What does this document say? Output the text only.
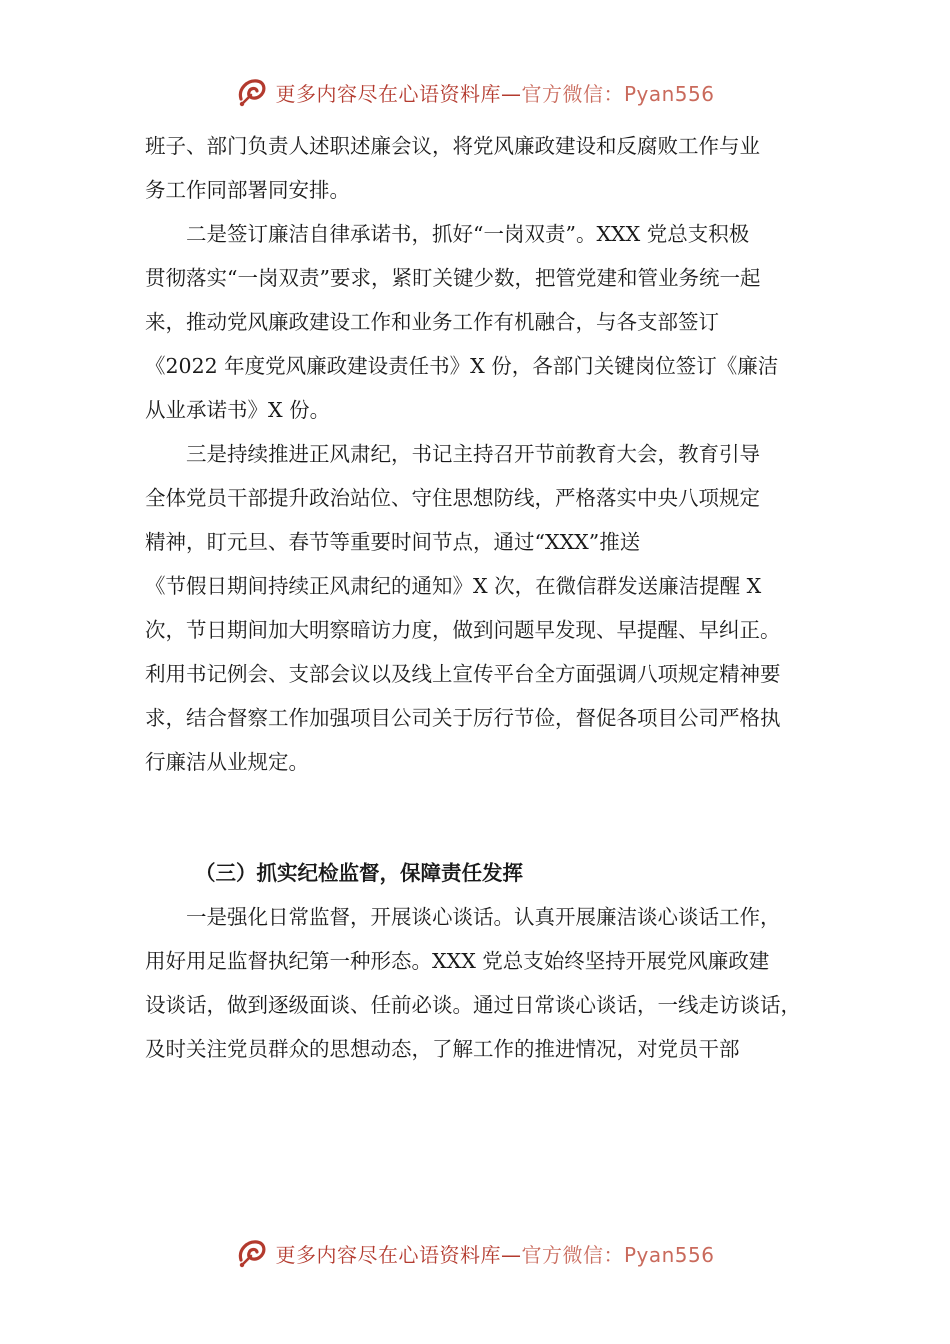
更多内容尽在心语资料库—官方微信：Pyan556
班子、部门负责人述职述廉会议，将党风廉政建设和反腐败工作与业
务工作同部署同安排。
二是签订廉洁自律承诺书，抓好“一岗双责”。XXX 党总支积极
贯彻落实“一岗双责”要求，紧盯关键少数，把管党建和管业务统一起
来，推动党风廉政建设工作和业务工作有机融合，与各支部签订
《2022 年度党风廉政建设责任书》X 份，各部门关键岗位签订《廉洁
从业承诺书》X 份。
三是持续推进正风肃纪，书记主持召开节前教育大会，教育引导
全体党员干部提升政治站位、守住思想防线，严格落实中央八项规定
精神，盯元旦、春节等重要时间节点，通过“XXX”推送
《节假日期间持续正风肃纪的通知》X 次，在微信群发送廉洁提醒 X
次，节日期间加大明察暗访力度，做到问题早发现、早提醒、早纠正。
利用书记例会、支部会议以及线上宣传平台全方面强调八项规定精神要
求，结合督察工作加强项目公司关于厉行节俭，督促各项目公司严格执
行廉洁从业规定。
（三）抓实纪检监督，保障责任发挥
一是强化日常监督，开展谈心谈话。认真开展廉洁谈心谈话工作，
用好用足监督执纪第一种形态。XXX 党总支始终坚持开展党风廉政建
设谈话，做到逐级面谈、任前必谈。通过日常谈心谈话，一线走访谈话，
及时关注党员群众的思想动态，了解工作的推进情况，对党员干部
更多内容尽在心语资料库—官方微信：Pyan556
